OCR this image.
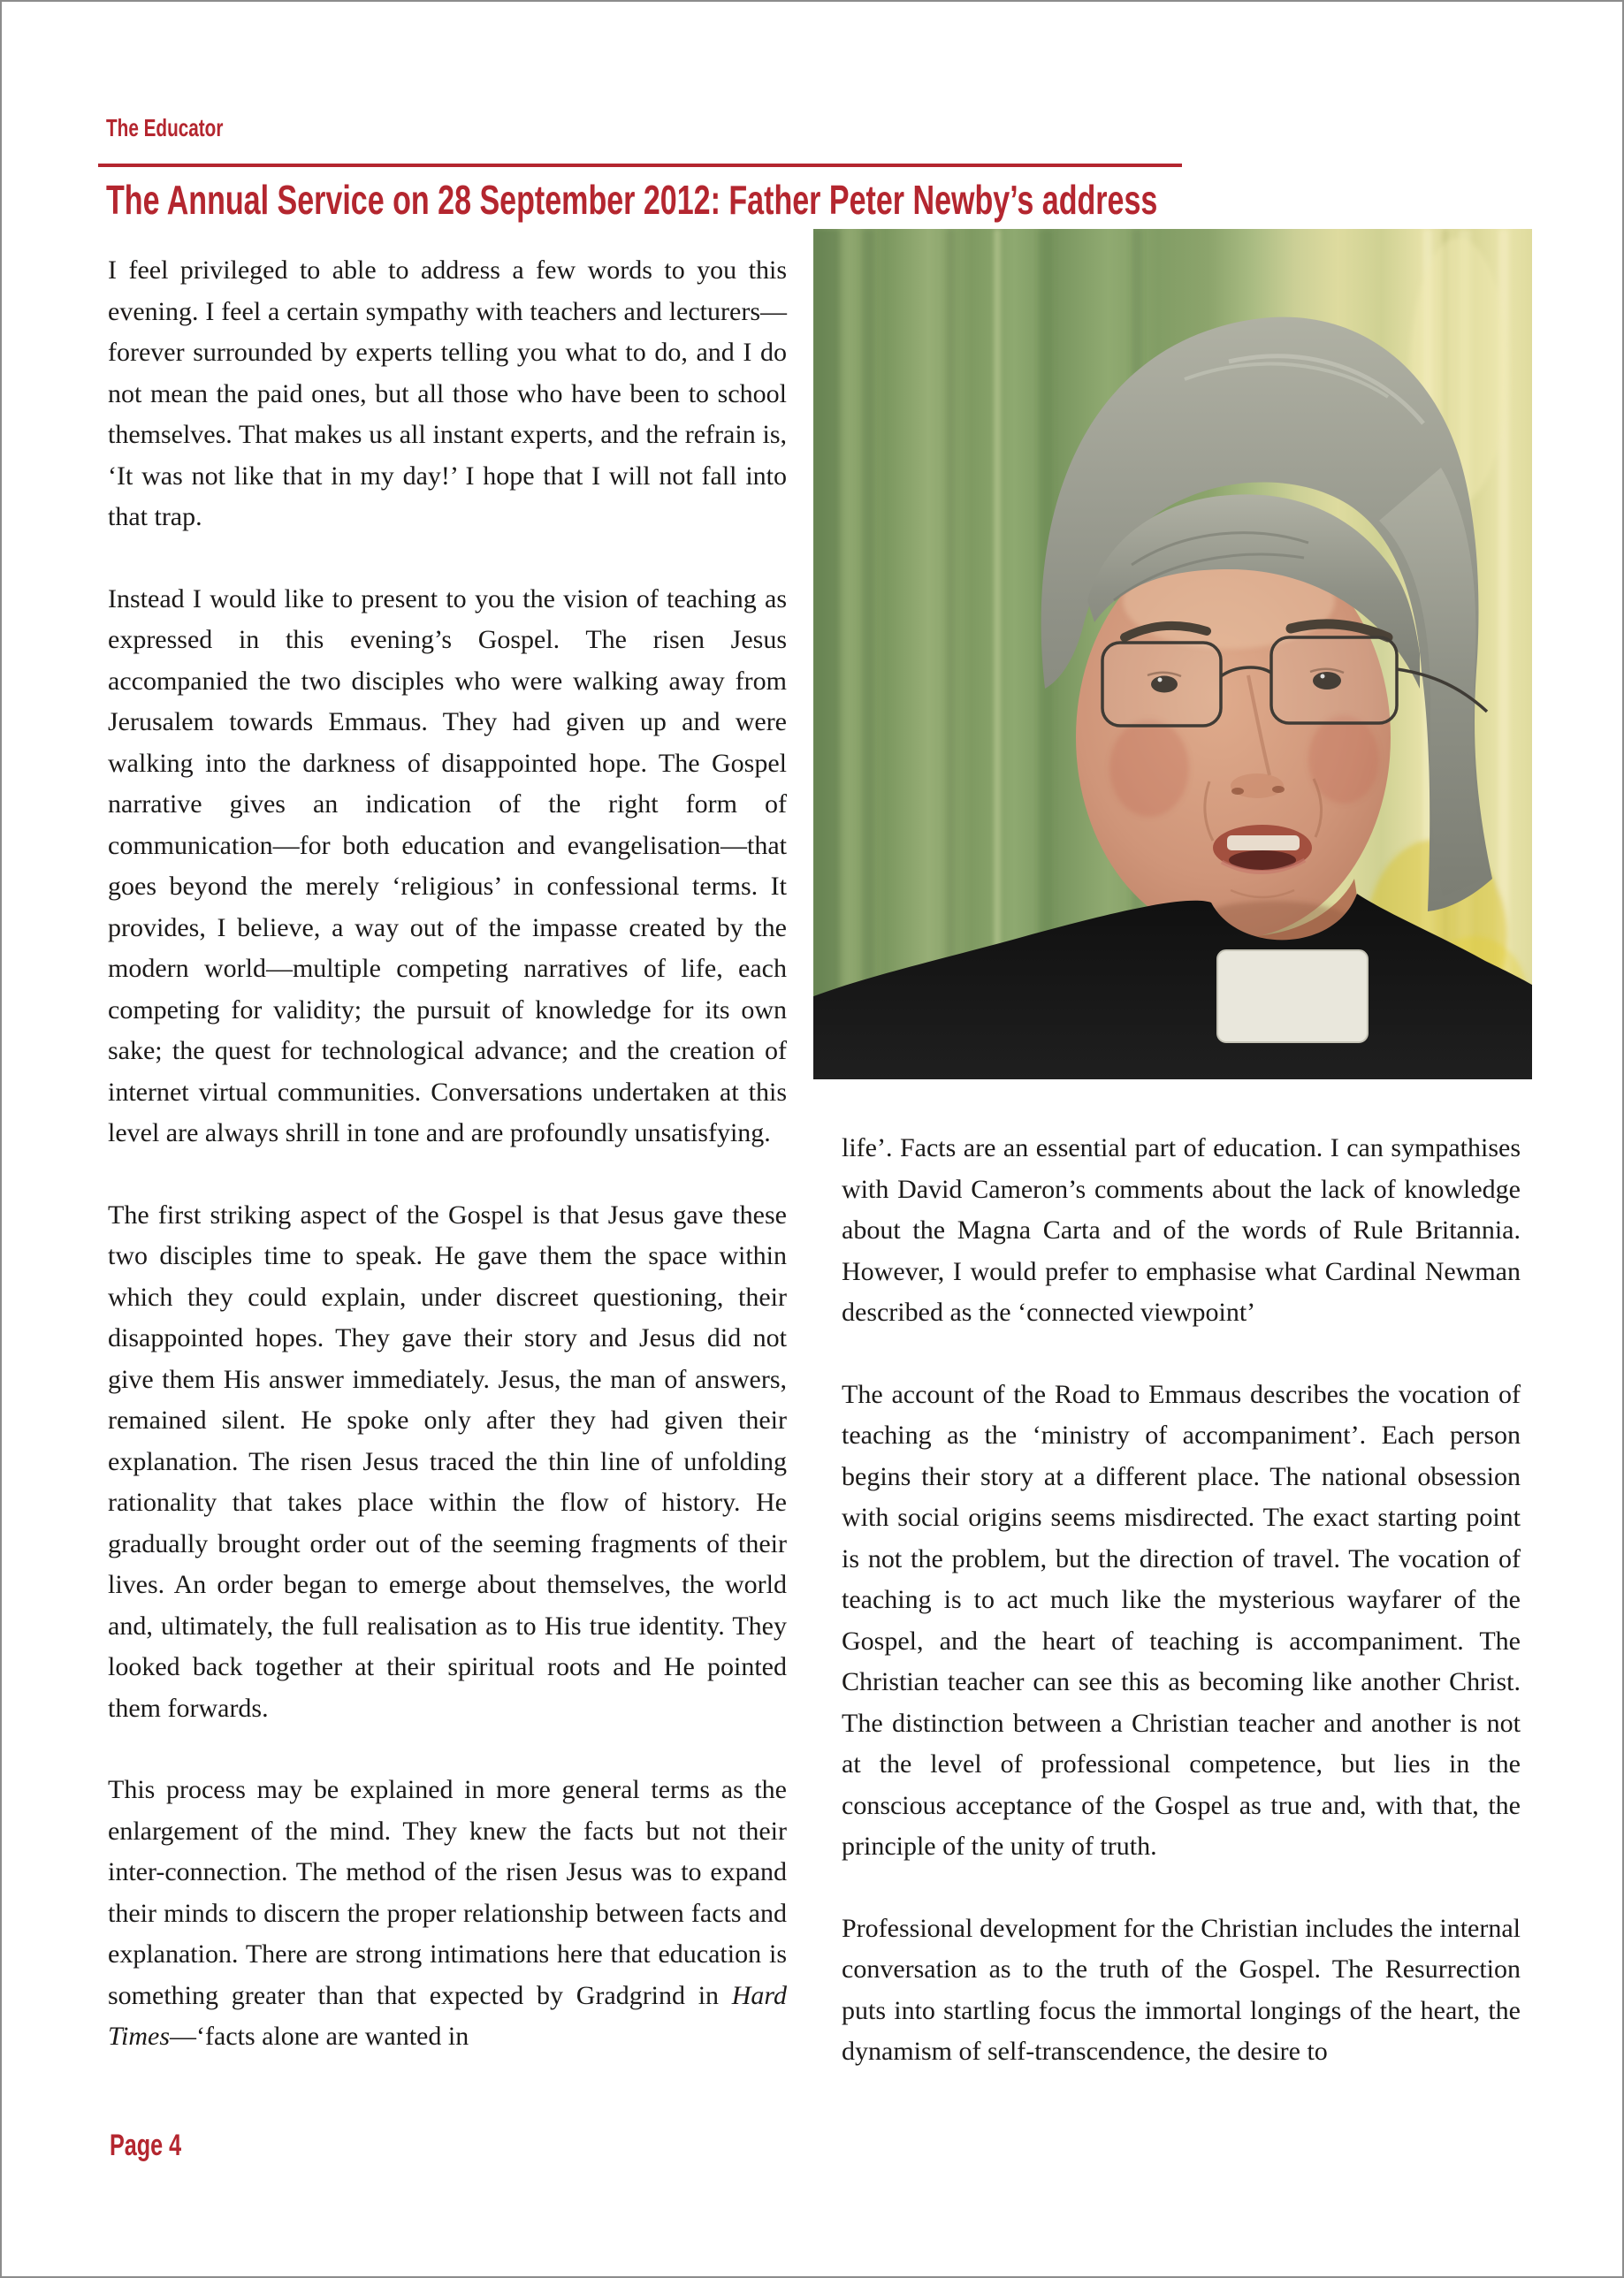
The Educator
The Annual Service on 28 September 2012: Father Peter Newby’s address

I feel privileged to able to address a few words to you this evening. I feel a certain sympathy with teachers and lecturers—forever surrounded by experts telling you what to do, and I do not mean the paid ones, but all those who have been to school themselves. That makes us all instant experts, and the refrain is, ‘It was not like that in my day!’ I hope that I will not fall into that trap.

Instead I would like to present to you the vision of teaching as expressed in this evening’s Gospel. The risen Jesus accompanied the two disciples who were walking away from Jerusalem towards Emmaus. They had given up and were walking into the darkness of disappointed hope. The Gospel narrative gives an indication of the right form of communication—for both education and evangelisation—that goes beyond the merely ‘religious’ in confessional terms. It provides, I believe, a way out of the impasse created by the modern world—multiple competing narratives of life, each competing for validity; the pursuit of knowledge for its own sake; the quest for technological advance; and the creation of internet virtual communities. Conversations undertaken at this level are always shrill in tone and are profoundly unsatisfying.

The first striking aspect of the Gospel is that Jesus gave these two disciples time to speak. He gave them the space within which they could explain, under discreet questioning, their disappointed hopes. They gave their story and Jesus did not give them His answer immediately. Jesus, the man of answers, remained silent. He spoke only after they had given their explanation. The risen Jesus traced the thin line of unfolding rationality that takes place within the flow of history. He gradually brought order out of the seeming fragments of their lives. An order began to emerge about themselves, the world and, ultimately, the full realisation as to His true identity. They looked back together at their spiritual roots and He pointed them forwards.

This process may be explained in more general terms as the enlargement of the mind. They knew the facts but not their inter-connection. The method of the risen Jesus was to expand their minds to discern the proper relationship between facts and explanation. There are strong intimations here that education is something greater than that expected by Gradgrind in Hard Times—‘facts alone are wanted in

life’. Facts are an essential part of education. I can sympathises with David Cameron’s comments about the lack of knowledge about the Magna Carta and of the words of Rule Britannia. However, I would prefer to emphasise what Cardinal Newman described as the ‘connected viewpoint’

The account of the Road to Emmaus describes the vocation of teaching as the ‘ministry of accompaniment’. Each person begins their story at a different place. The national obsession with social origins seems misdirected. The exact starting point is not the problem, but the direction of travel. The vocation of teaching is to act much like the mysterious wayfarer of the Gospel, and the heart of teaching is accompaniment. The Christian teacher can see this as becoming like another Christ. The distinction between a Christian teacher and another is not at the level of professional competence, but lies in the conscious acceptance of the Gospel as true and, with that, the principle of the unity of truth.

Professional development for the Christian includes the internal conversation as to the truth of the Gospel. The Resurrection puts into startling focus the immortal longings of the heart, the dynamism of self-transcendence, the desire to

Page 4
